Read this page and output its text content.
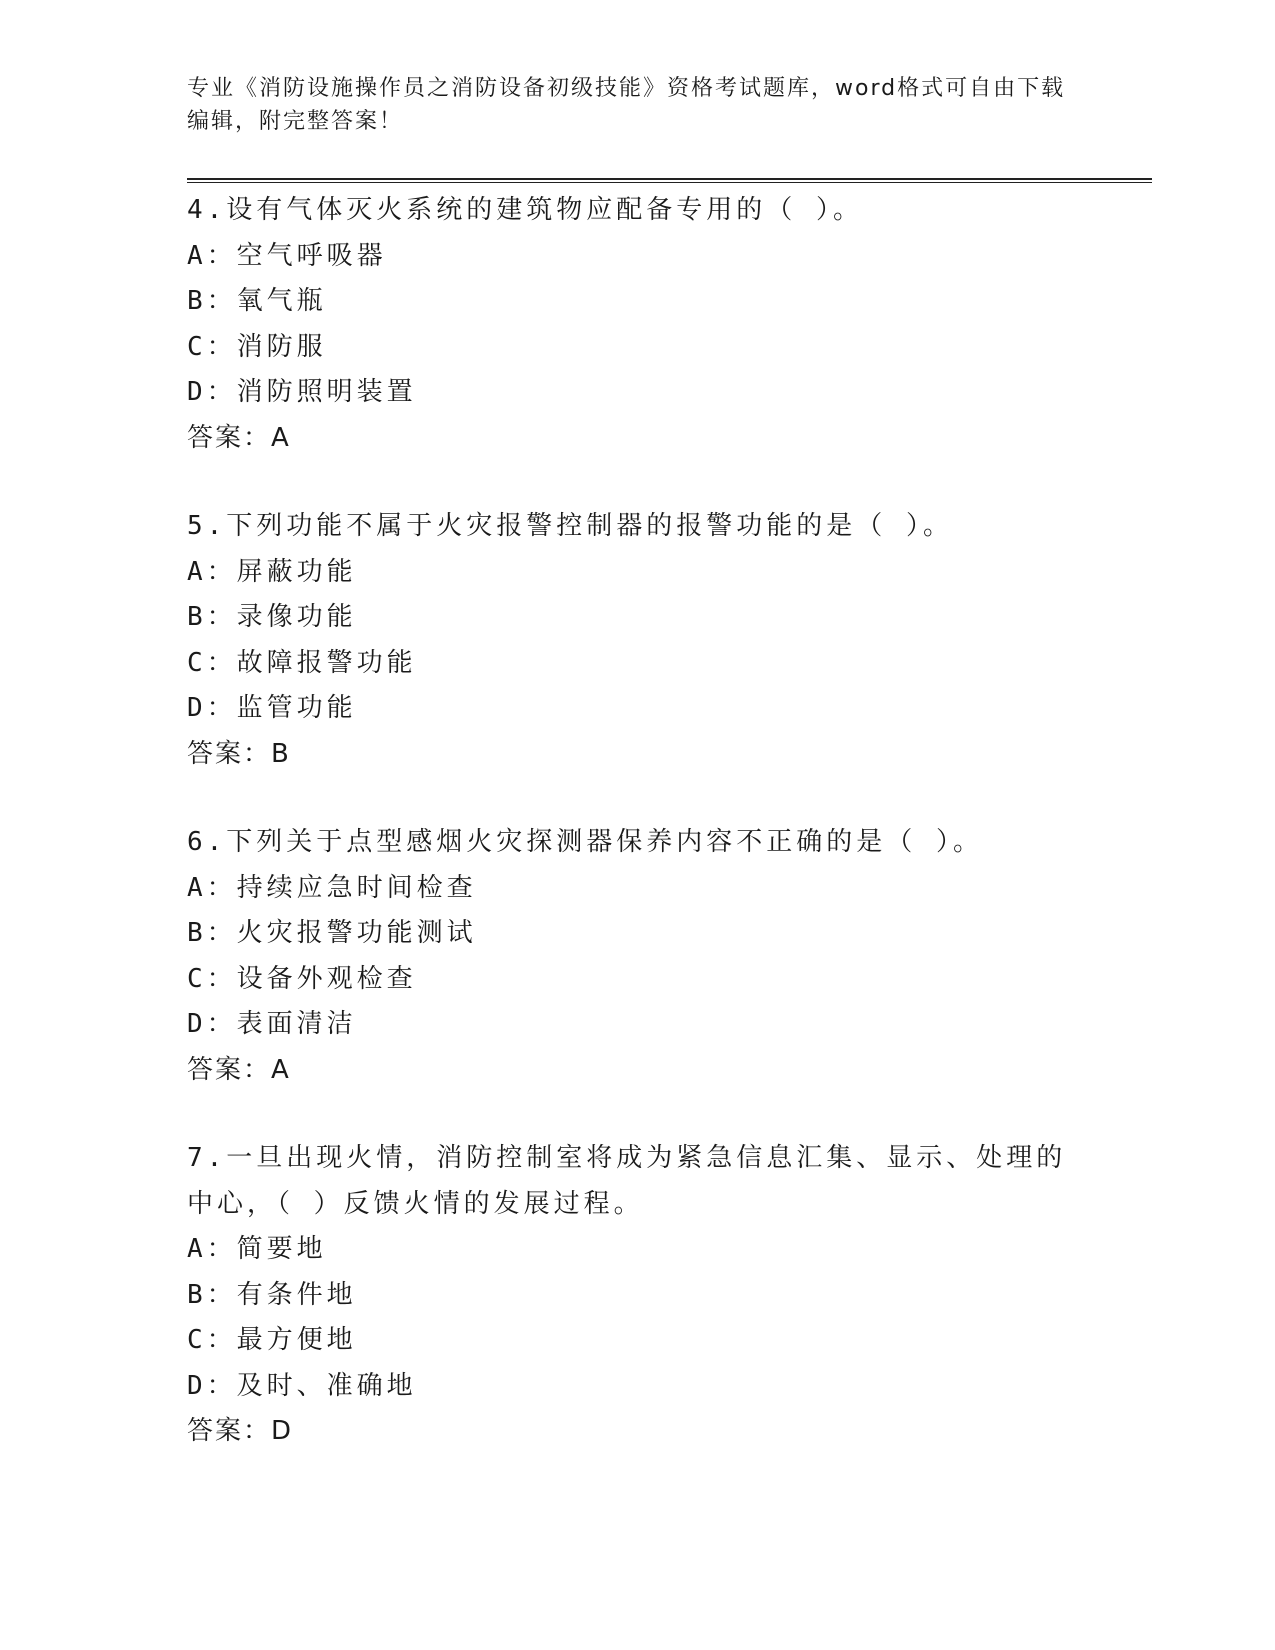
专业《消防设施操作员之消防设备初级技能》资格考试题库，word格式可自由下载编辑，附完整答案！
4.设有气体灭火系统的建筑物应配备专用的（ ）。
A：空气呼吸器
B：氧气瓶
C：消防服
D：消防照明装置
答案：A
5.下列功能不属于火灾报警控制器的报警功能的是（ ）。
A：屏蔽功能
B：录像功能
C：故障报警功能
D：监管功能
答案：B
6.下列关于点型感烟火灾探测器保养内容不正确的是（ ）。
A：持续应急时间检查
B：火灾报警功能测试
C：设备外观检查
D：表面清洁
答案：A
7.一旦出现火情，消防控制室将成为紧急信息汇集、显示、处理的中心，（ ）反馈火情的发展过程。
A：简要地
B：有条件地
C：最方便地
D：及时、准确地
答案：D
